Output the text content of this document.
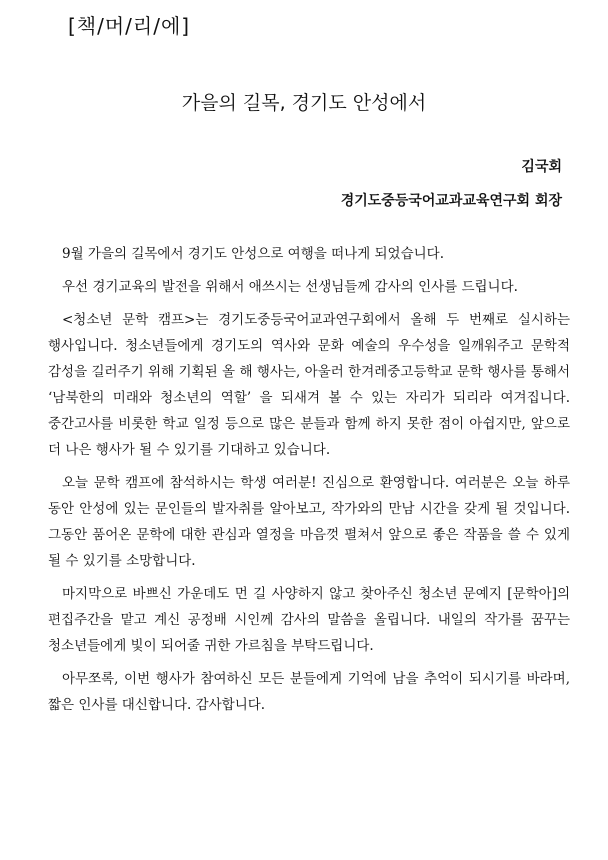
[책/머/리/에]
가을의 길목, 경기도 안성에서
김국회
경기도중등국어교과교육연구회 회장

9월 가을의 길목에서 경기도 안성으로 여행을 떠나게 되었습니다.

우선 경기교육의 발전을 위해서 애쓰시는 선생님들께 감사의 인사를 드립니다.

<청소년 문학 캠프>는 경기도중등국어교과연구회에서 올해 두 번째로 실시하는 행사입니다. 청소년들에게 경기도의 역사와 문화 예술의 우수성을 일깨워주고 문학적 감성을 길러주기 위해 기획된 올 해 행사는, 아울러 한겨레중고등학교 문학 행사를 통해서 ‘남북한의 미래와 청소년의 역할’ 을 되새겨 볼 수 있는 자리가 되리라 여겨집니다. 중간고사를 비롯한 학교 일정 등으로 많은 분들과 함께 하지 못한 점이 아쉽지만, 앞으로 더 나은 행사가 될 수 있기를 기대하고 있습니다.

오늘 문학 캠프에 참석하시는 학생 여러분! 진심으로 환영합니다. 여러분은 오늘 하루 동안 안성에 있는 문인들의 발자취를 알아보고, 작가와의 만남 시간을 갖게 될 것입니다. 그동안 품어온 문학에 대한 관심과 열정을 마음껏 펼쳐서 앞으로 좋은 작품을 쓸 수 있게 될 수 있기를 소망합니다.

마지막으로 바쁘신 가운데도 먼 길 사양하지 않고 찾아주신 청소년 문예지 [문학아]의 편집주간을 맡고 계신 공정배 시인께 감사의 말씀을 올립니다. 내일의 작가를 꿈꾸는 청소년들에게 빛이 되어줄 귀한 가르침을 부탁드립니다.

아무쪼록, 이번 행사가 참여하신 모든 분들에게 기억에 남을 추억이 되시기를 바라며, 짧은 인사를 대신합니다. 감사합니다.
